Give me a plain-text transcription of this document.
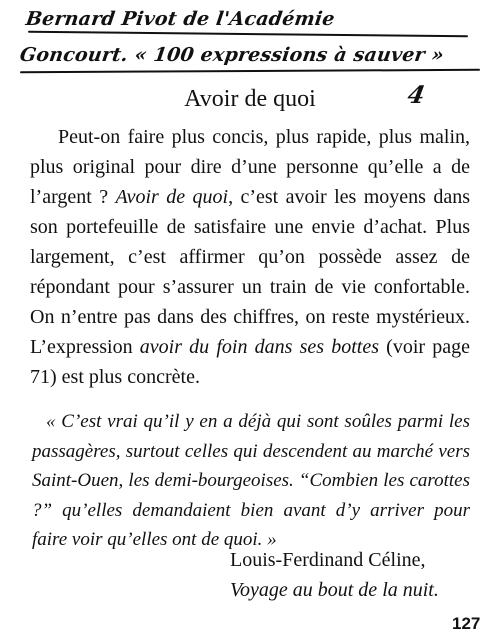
Bernard Pivot de l'Académie
Goncourt. « 100 expressions à sauver »
Avoir de quoi	4
Peut-on faire plus concis, plus rapide, plus malin, plus original pour dire d’une personne qu’elle a de l’argent ? Avoir de quoi, c’est avoir les moyens dans son portefeuille de satisfaire une envie d’achat. Plus largement, c’est affirmer qu’on possède assez de répondant pour s’assurer un train de vie confortable. On n’entre pas dans des chiffres, on reste mystérieux. L’expression avoir du foin dans ses bottes (voir page 71) est plus concrète.
« C’est vrai qu’il y en a déjà qui sont soûles parmi les passagères, surtout celles qui descendent au marché vers Saint-Ouen, les demi-bourgeoises. “Combien les carottes ?” qu’elles demandaient bien avant d’y arriver pour faire voir qu’elles ont de quoi. »
Louis-Ferdinand Céline,
Voyage au bout de la nuit.
127
